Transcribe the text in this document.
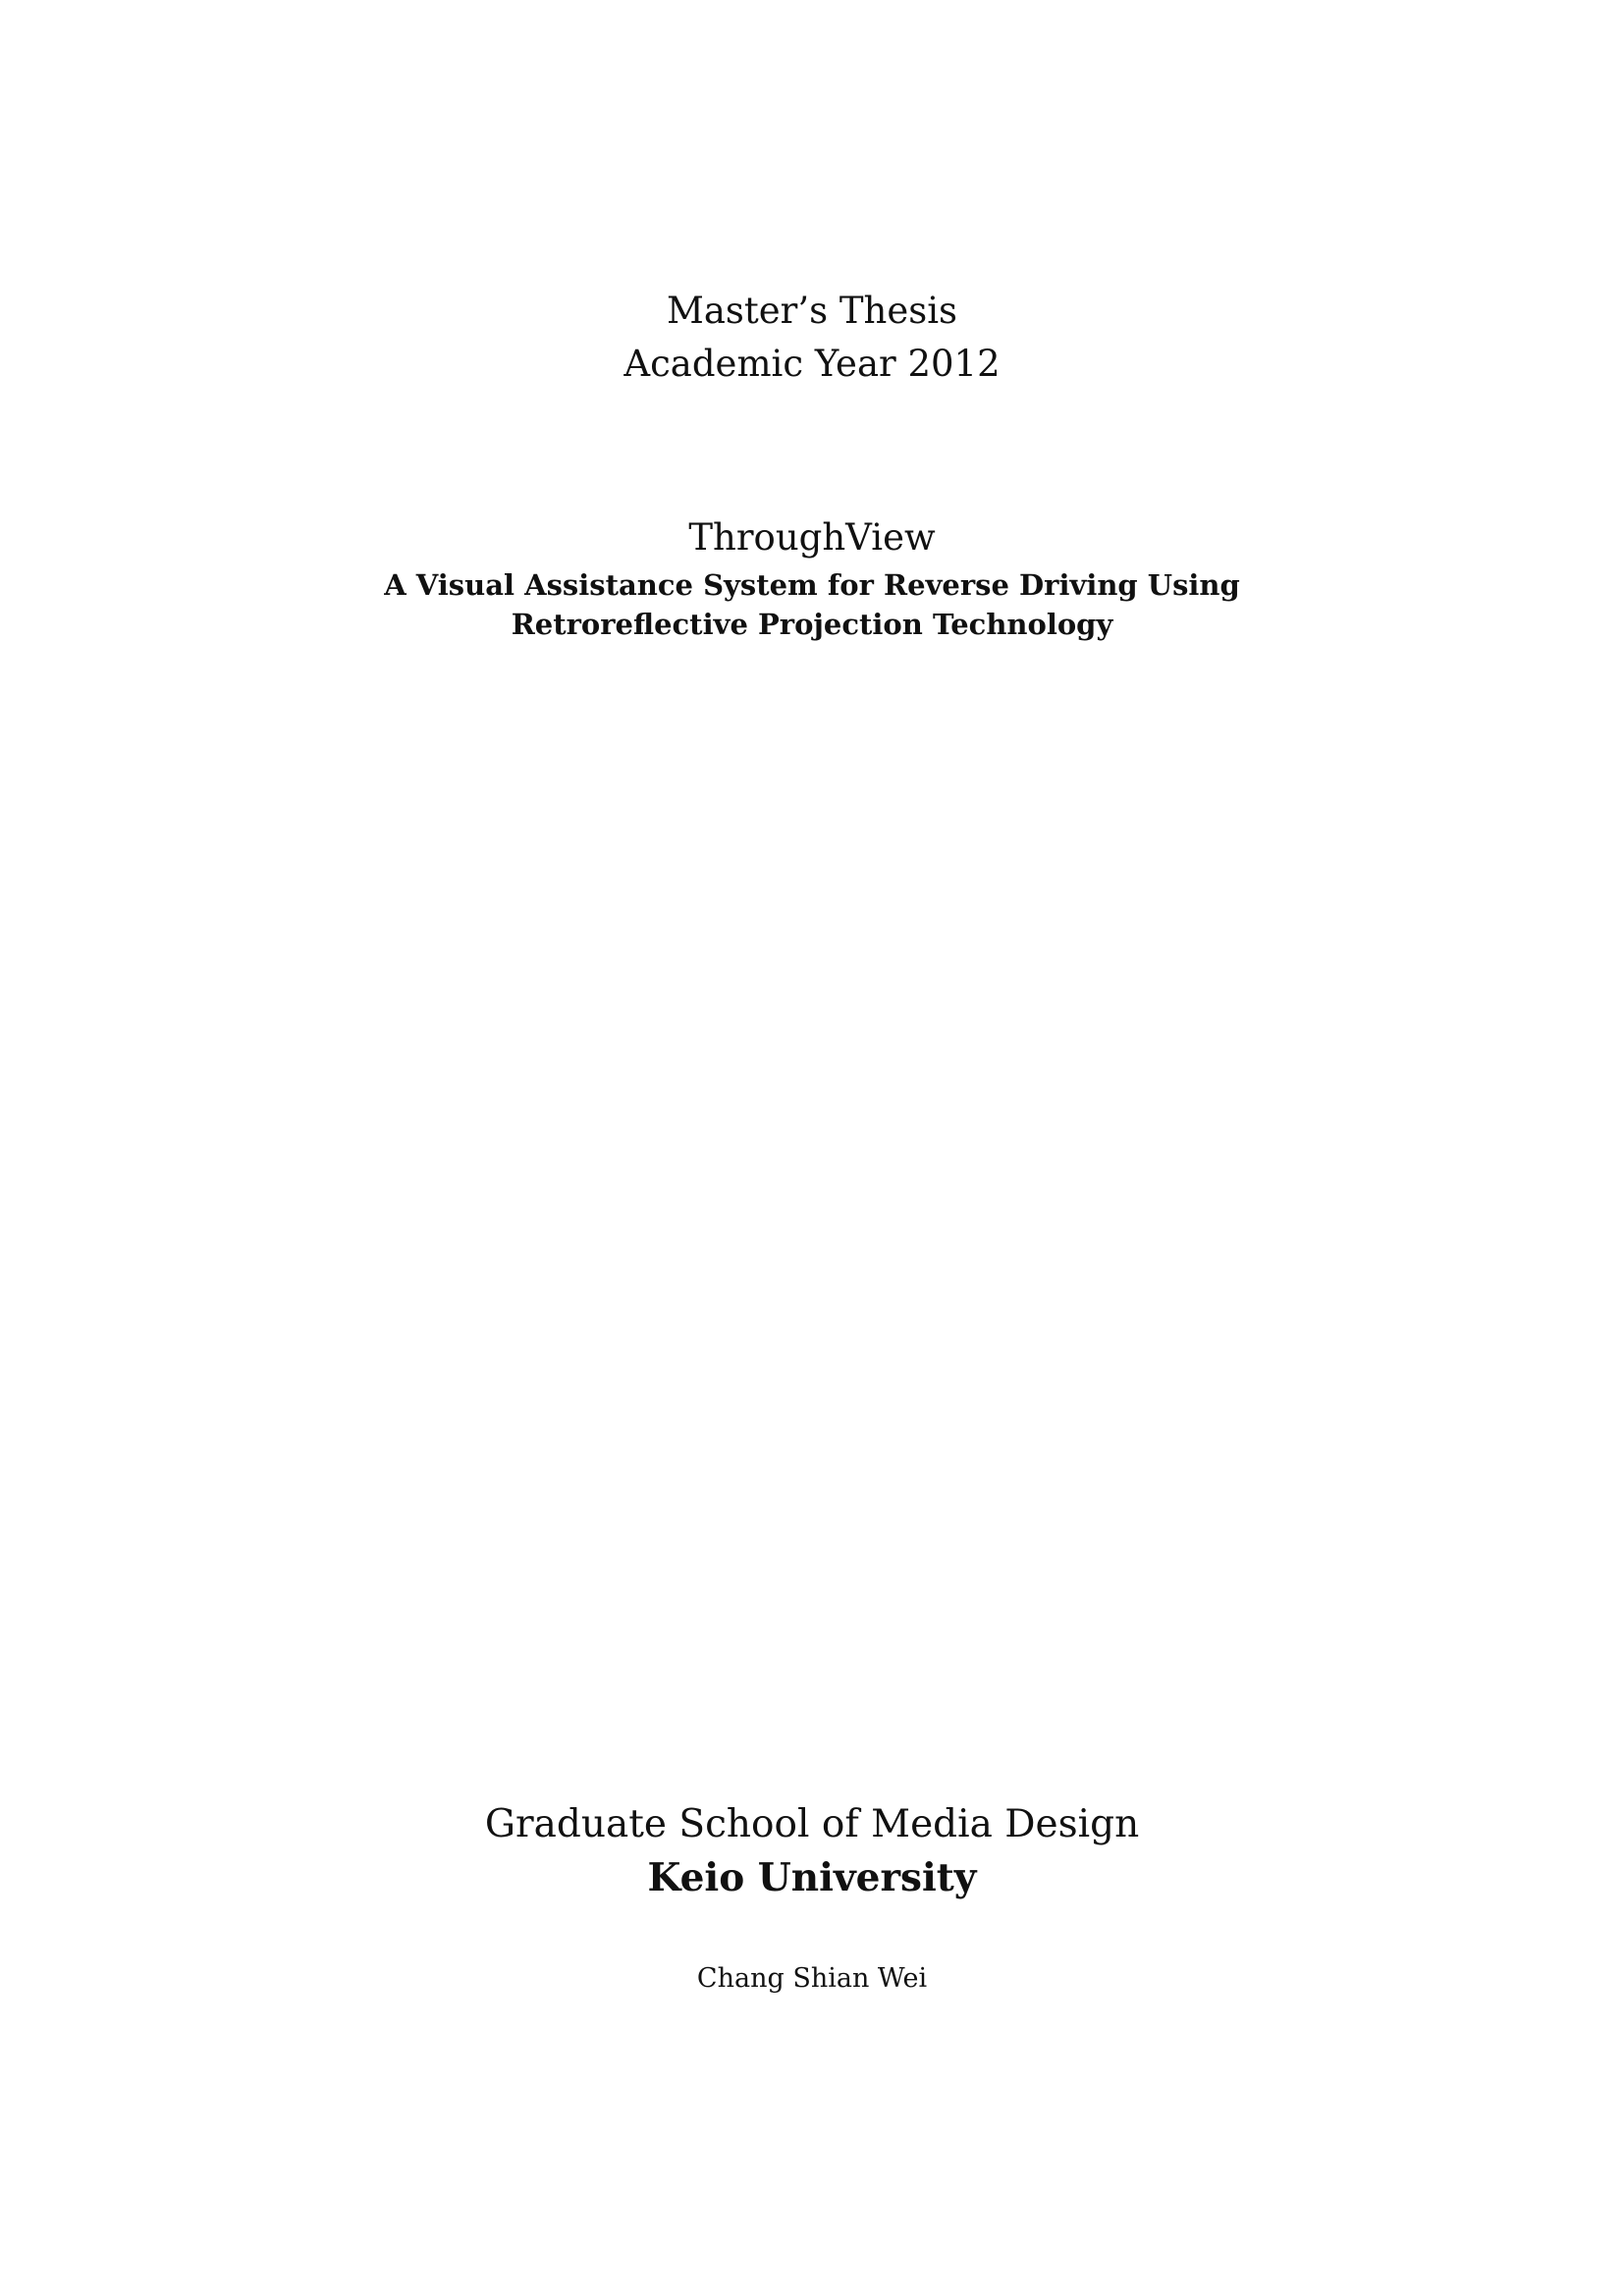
Master’s Thesis
Academic Year 2012
ThroughView
A Visual Assistance System for Reverse Driving Using
Retroreflective Projection Technology
Graduate School of Media Design
Keio University
Chang Shian Wei
